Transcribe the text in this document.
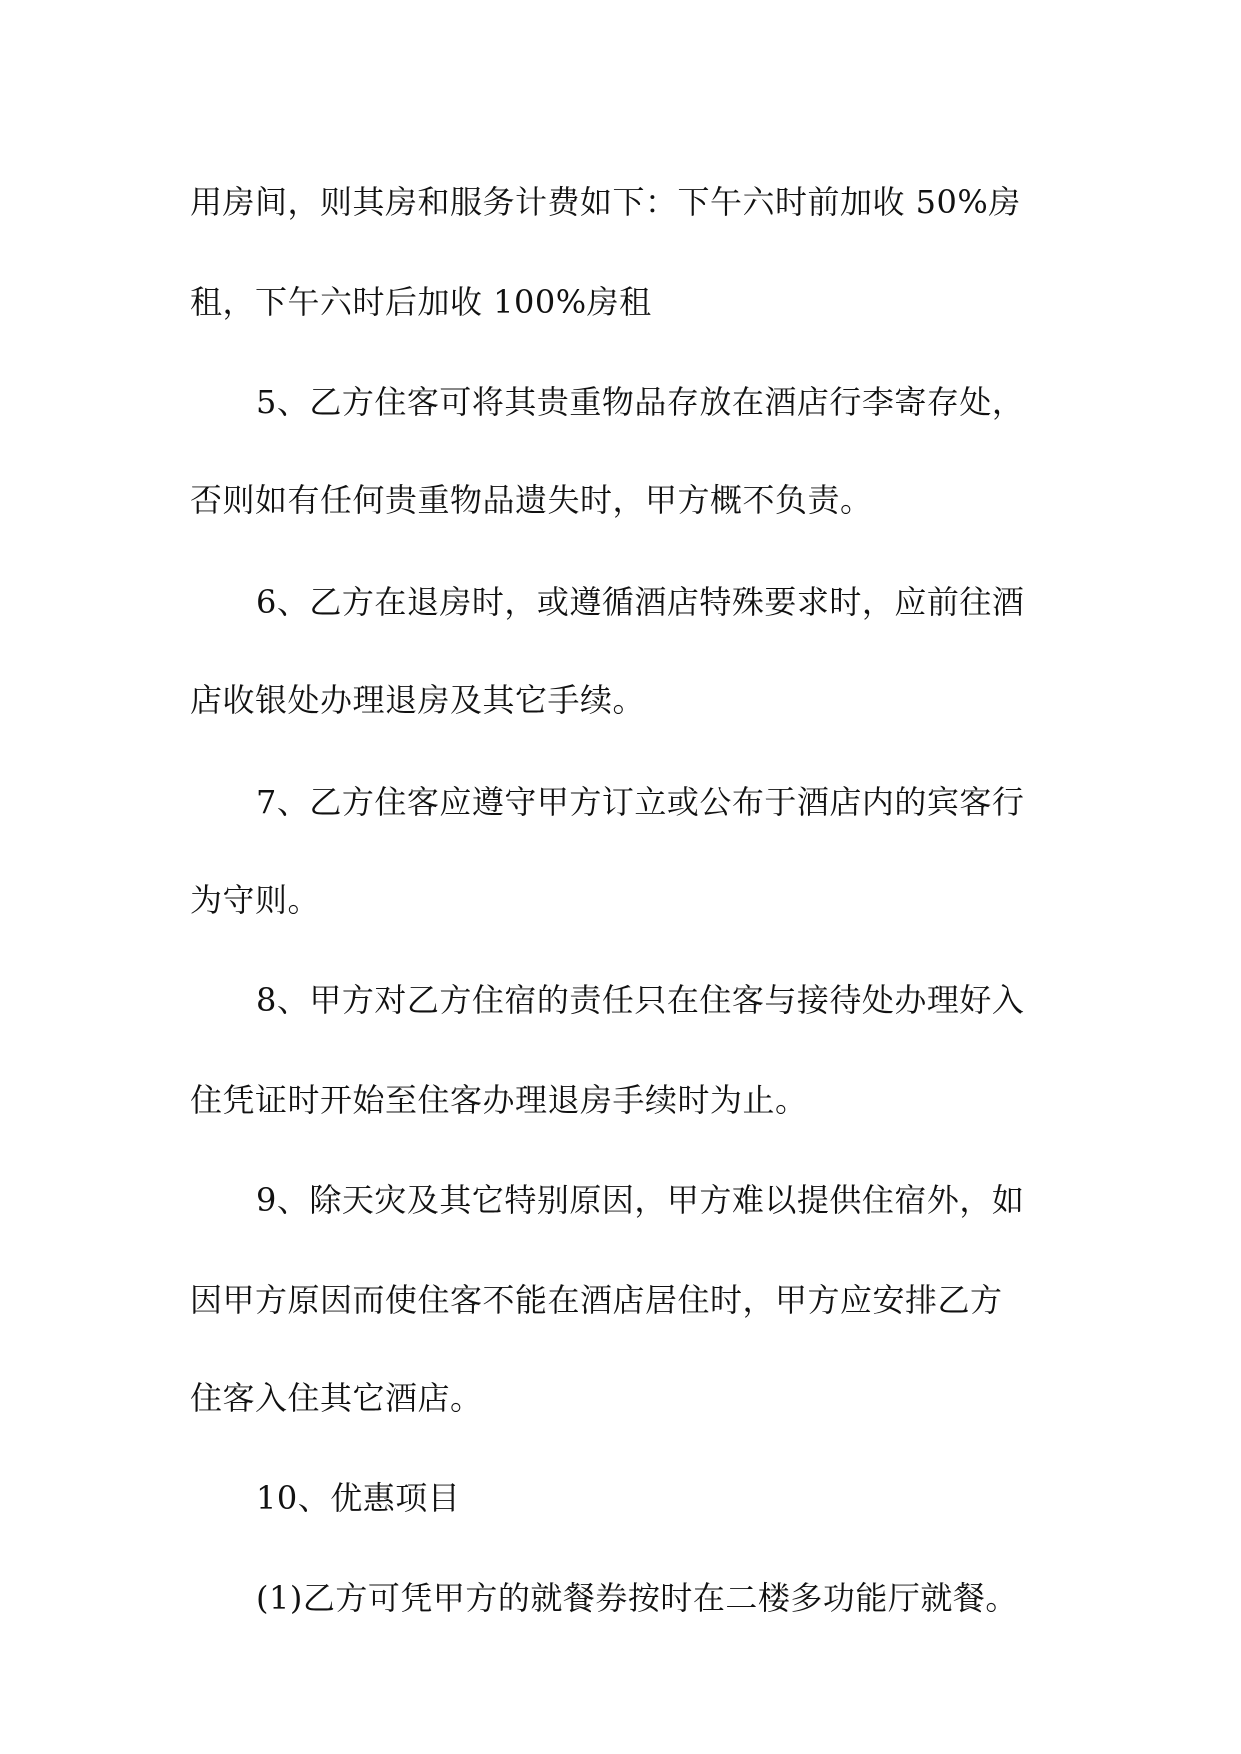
用房间，则其房和服务计费如下：下午六时前加收 50%房
租，下午六时后加收 100%房租
5、乙方住客可将其贵重物品存放在酒店行李寄存处，
否则如有任何贵重物品遗失时，甲方概不负责。
6、乙方在退房时，或遵循酒店特殊要求时，应前往酒
店收银处办理退房及其它手续。
7、乙方住客应遵守甲方订立或公布于酒店内的宾客行
为守则。
8、甲方对乙方住宿的责任只在住客与接待处办理好入
住凭证时开始至住客办理退房手续时为止。
9、除天灾及其它特别原因，甲方难以提供住宿外，如
因甲方原因而使住客不能在酒店居住时，甲方应安排乙方
住客入住其它酒店。
10、优惠项目
(1)乙方可凭甲方的就餐券按时在二楼多功能厅就餐。
